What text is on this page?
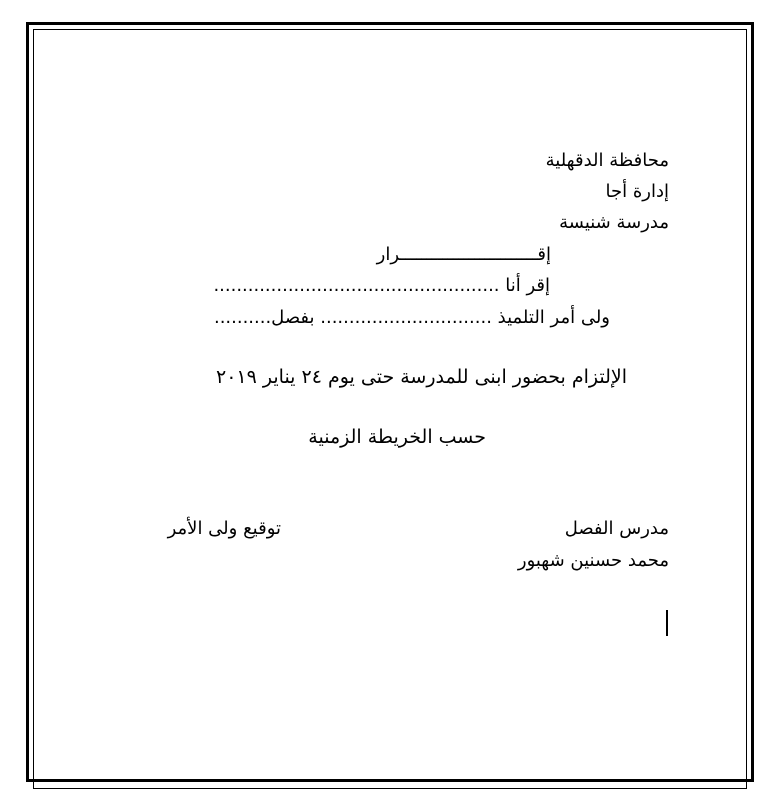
محافظة الدقهلية
إدارة أجا
مدرسة شنيسة
إقــــــــــــــــــــــــــرار
إقر أنا ..................................................
ولى أمر التلميذ .............................. بفصل..........
الإلتزام بحضور ابنى للمدرسة حتى يوم ٢٤ يناير ٢٠١٩
حسب الخريطة الزمنية
مدرس الفصل
توقيع ولى الأمر
محمد حسنين شهبور
